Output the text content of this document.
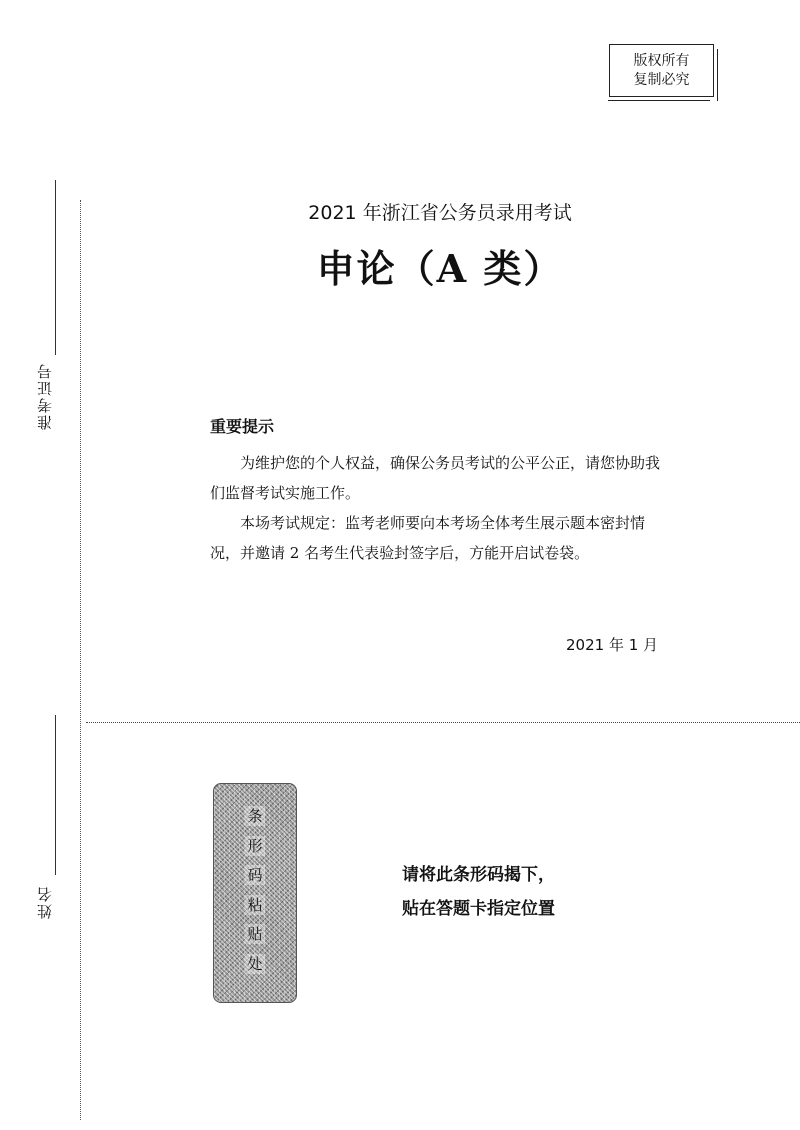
版权所有
复制必究
准考证号
姓名
2021 年浙江省公务员录用考试
申论（A 类）
重要提示

为维护您的个人权益，确保公务员考试的公平公正，请您协助我们监督考试实施工作。

本场考试规定：监考老师要向本考场全体考生展示题本密封情况，并邀请 2 名考生代表验封签字后，方能开启试卷袋。

2021 年 1 月
条
形
码
粘
贴
处
请将此条形码揭下，
贴在答题卡指定位置
